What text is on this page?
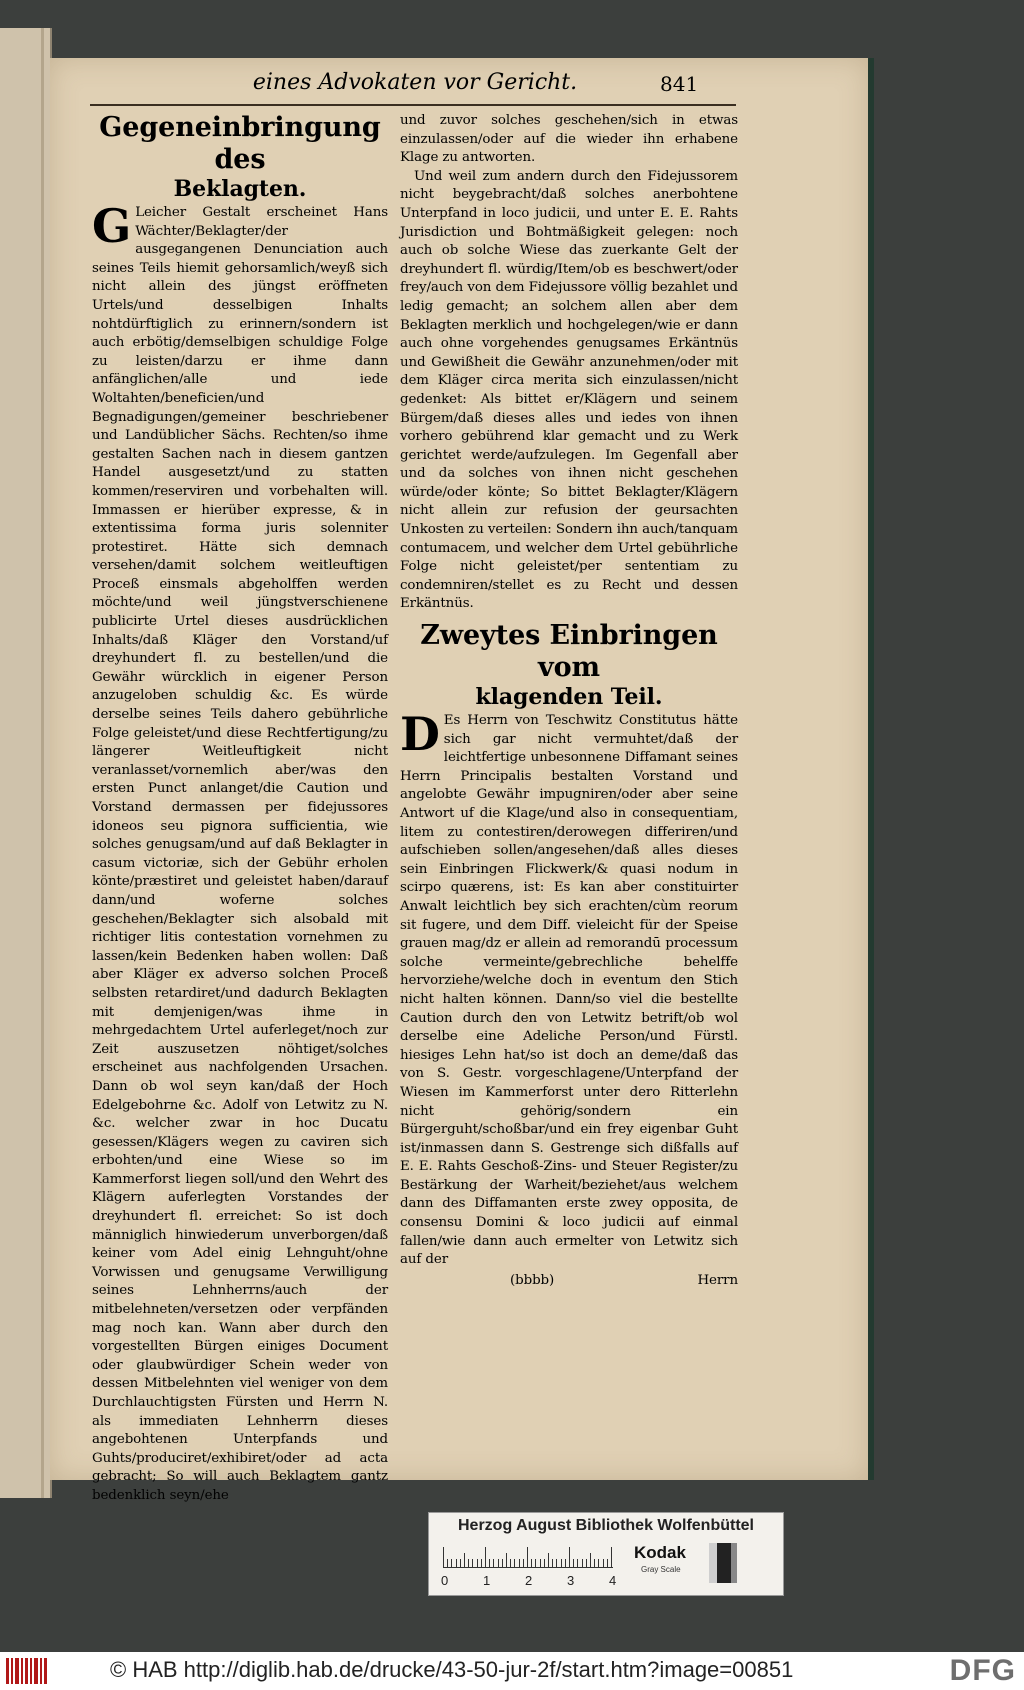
eines Advokaten vor Gericht.	841
Gegeneinbringung des
Beklagten.

G Leicher Gestalt erscheinet Hans Wächter/Beklagter/der ausgegangenen Denunciation auch seines Teils hiemit gehorsamlich/weyß sich nicht allein des jüngst eröffneten Urtels/und desselbigen Inhalts nohtdürftiglich zu erinnern/sondern ist auch erbötig/demselbigen schuldige Folge zu leisten/darzu er ihme dann anfänglichen/alle und iede Woltahten/beneficien/und Begnadigungen/gemeiner beschriebener und Landüblicher Sächs. Rechten/so ihme gestalten Sachen nach in diesem gantzen Handel ausgesetzt/und zu statten kommen/reserviren und vorbehalten will. Immassen er hierüber expresse, & in extentissima forma juris solenniter protestiret. Hätte sich demnach versehen/damit solchem weitleuftigen Proceß einsmals abgeholffen werden möchte/und weil jüngstverschienene publicirte Urtel dieses ausdrücklichen Inhalts/daß Kläger den Vorstand/uf dreyhundert fl. zu bestellen/und die Gewähr würcklich in eigener Person anzugeloben schuldig &c. Es würde derselbe seines Teils dahero gebührliche Folge geleistet/und diese Rechtfertigung/zu längerer Weitleuftigkeit nicht veranlasset/vornemlich aber/was den ersten Punct anlanget/die Caution und Vorstand dermassen per fidejussores idoneos seu pignora sufficientia, wie solches genugsam/und auf daß Beklagter in casum victoriæ, sich der Gebühr erholen könte/præstiret und geleistet haben/darauf dann/und woferne solches geschehen/Beklagter sich alsobald mit richtiger litis contestation vornehmen zu lassen/kein Bedenken haben wollen: Daß aber Kläger ex adverso solchen Proceß selbsten retardiret/und dadurch Beklagten mit demjenigen/was ihme in mehrgedachtem Urtel auferleget/noch zur Zeit auszusetzen nöhtiget/solches erscheinet aus nachfolgenden Ursachen. Dann ob wol seyn kan/daß der Hoch Edelgebohrne &c. Adolf von Letwitz zu N. &c. welcher zwar in hoc Ducatu gesessen/Klägers wegen zu caviren sich erbohten/und eine Wiese so im Kammerforst liegen soll/und den Wehrt des Klägern auferlegten Vorstandes der dreyhundert fl. erreichet: So ist doch männiglich hinwiederum unverborgen/daß keiner vom Adel einig Lehnguht/ohne Vorwissen und genugsame Verwilligung seines Lehnherrns/auch der mitbelehneten/versetzen oder verpfänden mag noch kan. Wann aber durch den vorgestellten Bürgen einiges Document oder glaubwürdiger Schein weder von dessen Mitbelehnten viel weniger von dem Durchlauchtigsten Fürsten und Herrn N. als immediaten Lehnherrn dieses angebohtenen Unterpfands und Guhts/produciret/exhibiret/oder ad acta gebracht; So will auch Beklagtem gantz bedenklich seyn/ehe

und zuvor solches geschehen/sich in etwas einzulassen/oder auf die wieder ihn erhabene Klage zu antworten.

Und weil zum andern durch den Fidejussorem nicht beygebracht/daß solches anerbohtene Unterpfand in loco judicii, und unter E. E. Rahts Jurisdiction und Bohtmäßigkeit gelegen: noch auch ob solche Wiese das zuerkante Gelt der dreyhundert fl. würdig/Item/ob es beschwert/oder frey/auch von dem Fidejussore völlig bezahlet und ledig gemacht; an solchem allen aber dem Beklagten merklich und hochgelegen/wie er dann auch ohne vorgehendes genugsames Erkäntnüs und Gewißheit die Gewähr anzunehmen/oder mit dem Kläger circa merita sich einzulassen/nicht gedenket: Als bittet er/Klägern und seinem Bürgem/daß dieses alles und iedes von ihnen vorhero gebührend klar gemacht und zu Werk gerichtet werde/aufzulegen. Im Gegenfall aber und da solches von ihnen nicht geschehen würde/oder könte; So bittet Beklagter/Klägern nicht allein zur refusion der geursachten Unkosten zu verteilen: Sondern ihn auch/tanquam contumacem, und welcher dem Urtel gebührliche Folge nicht geleistet/per sententiam zu condemniren/stellet es zu Recht und dessen Erkäntnüs.

Zweytes Einbringen vom
klagenden Teil.

D Es Herrn von Teschwitz Constitutus hätte sich gar nicht vermuhtet/daß der leichtfertige unbesonnene Diffamant seines Herrn Principalis bestalten Vorstand und angelobte Gewähr impugniren/oder aber seine Antwort uf die Klage/und also in consequentiam, litem zu contestiren/derowegen differiren/und aufschieben sollen/angesehen/daß alles dieses sein Einbringen Flickwerk/& quasi nodum in scirpo quærens, ist: Es kan aber constituirter Anwalt leichtlich bey sich erachten/cùm reorum sit fugere, und dem Diff. vieleicht für der Speise grauen mag/dz er allein ad remorandū processum solche vermeinte/gebrechliche behelffe hervorziehe/welche doch in eventum den Stich nicht halten können. Dann/so viel die bestellte Caution durch den von Letwitz betrift/ob wol derselbe eine Adeliche Person/und Fürstl. hiesiges Lehn hat/so ist doch an deme/daß das von S. Gestr. vorgeschlagene/Unterpfand der Wiesen im Kammerforst unter dero Ritterlehn nicht gehörig/sondern ein Bürgerguht/schoßbar/und ein frey eigenbar Guht ist/inmassen dann S. Gestrenge sich dißfalls auf E. E. Rahts Geschoß-Zins- und Steuer Register/zu Bestärkung der Warheit/beziehet/aus welchem dann des Diffamanten erste zwey opposita, de consensu Domini & loco judicii auf einmal fallen/wie dann auch ermelter von Letwitz sich auf der

(bbbb)	Herrn
Herzog August Bibliothek Wolfenbüttel
0	1	2	3	4
Kodak
Gray Scale
© HAB http://diglib.hab.de/drucke/43-50-jur-2f/start.htm?image=00851	DFG
